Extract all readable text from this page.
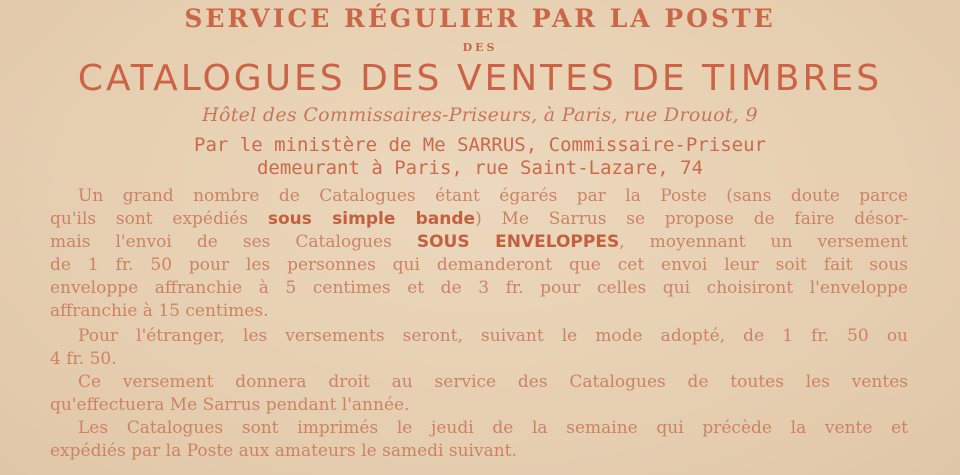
SERVICE RÉGULIER PAR LA POSTE
DES
CATALOGUES DES VENTES DE TIMBRES
Hôtel des Commissaires-Priseurs, à Paris, rue Drouot, 9
Par le ministère de Me SARRUS, Commissaire-Priseur
demeurant à Paris, rue Saint-Lazare, 74
Un grand nombre de Catalogues étant égarés par la Poste (sans doute parce
qu'ils sont expédiés sous simple bande) Me Sarrus se propose de faire désor-
mais l'envoi de ses Catalogues SOUS ENVELOPPES, moyennant un versement
de 1 fr. 50 pour les personnes qui demanderont que cet envoi leur soit fait sous
enveloppe affranchie à 5 centimes et de 3 fr. pour celles qui choisiront l'enveloppe
affranchie à 15 centimes.
Pour l'étranger, les versements seront, suivant le mode adopté, de 1 fr. 50 ou
4 fr. 50.
Ce versement donnera droit au service des Catalogues de toutes les ventes
qu'effectuera Me Sarrus pendant l'année.
Les Catalogues sont imprimés le jeudi de la semaine qui précède la vente et
expédiés par la Poste aux amateurs le samedi suivant.
